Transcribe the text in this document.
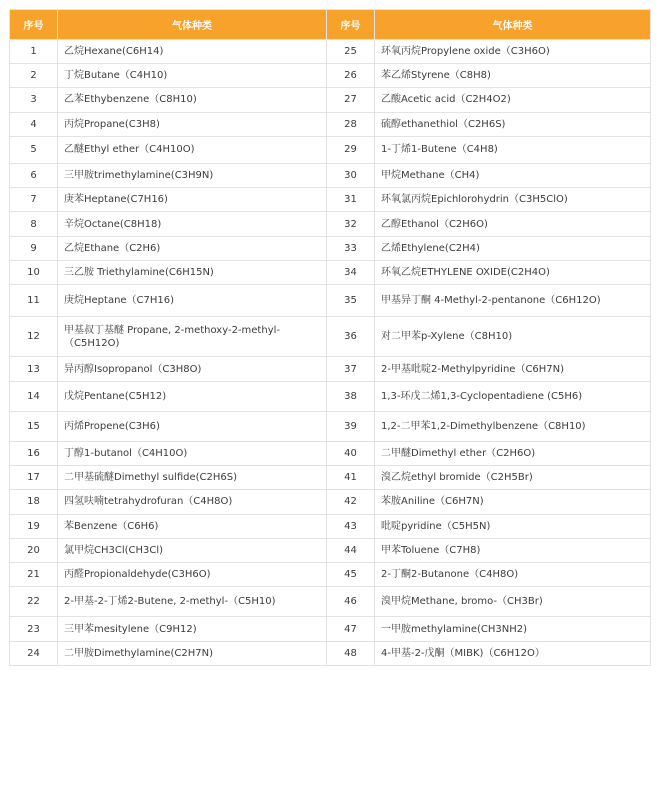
序号	气体种类	序号	气体种类
1	乙烷Hexane(C6H14)	25	环氧丙烷Propylene oxide（C3H6O)
2	丁烷Butane（C4H10)	26	苯乙烯Styrene（C8H8)
3	乙苯Ethybenzene（C8H10)	27	乙酸Acetic acid（C2H4O2)
4	丙烷Propane(C3H8)	28	硫醇ethanethiol（C2H6S)
5	乙醚Ethyl ether（C4H10O)	29	1-丁烯1-Butene（C4H8)
6	三甲胺trimethylamine(C3H9N)	30	甲烷Methane（CH4)
7	庚苯Heptane(C7H16)	31	环氧氯丙烷Epichlorohydrin（C3H5ClO)
8	辛烷Octane(C8H18)	32	乙醇Ethanol（C2H6O)
9	乙烷Ethane（C2H6)	33	乙烯Ethylene(C2H4)
10	三乙胺 Triethylamine(C6H15N)	34	环氧乙烷ETHYLENE OXIDE(C2H4O)
11	庚烷Heptane（C7H16)	35	甲基异丁酮 4-Methyl-2-pentanone（C6H12O)
12	甲基叔丁基醚 Propane, 2-methoxy-2-methyl-（C5H12O)	36	对二甲苯p-Xylene（C8H10)
13	异丙醇Isopropanol（C3H8O)	37	2-甲基吡啶2-Methylpyridine（C6H7N)
14	戊烷Pentane(C5H12)	38	1,3-环戊二烯1,3-Cyclopentadiene (C5H6)
15	丙烯Propene(C3H6)	39	1,2-二甲苯1,2-Dimethylbenzene（C8H10)
16	丁醇1-butanol（C4H10O)	40	二甲醚Dimethyl ether（C2H6O)
17	二甲基硫醚Dimethyl sulfide(C2H6S)	41	溴乙烷ethyl bromide（C2H5Br)
18	四氢呋喃tetrahydrofuran（C4H8O)	42	苯胺Aniline（C6H7N)
19	苯Benzene（C6H6)	43	吡啶pyridine（C5H5N)
20	氯甲烷CH3Cl(CH3Cl)	44	甲苯Toluene（C7H8)
21	丙醛Propionaldehyde(C3H6O)	45	2-丁酮2-Butanone（C4H8O)
22	2-甲基-2-丁烯2-Butene, 2-methyl-（C5H10)	46	溴甲烷Methane, bromo-（CH3Br)
23	三甲苯mesitylene（C9H12)	47	一甲胺methylamine(CH3NH2)
24	二甲胺Dimethylamine(C2H7N)	48	4-甲基-2-戊酮（MIBK)（C6H12O）
